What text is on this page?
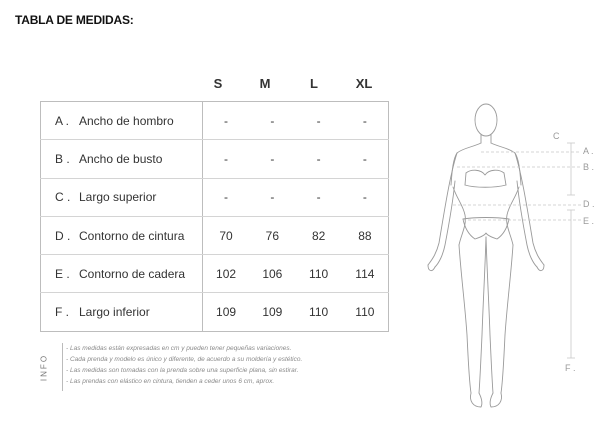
TABLA DE MEDIDAS:
S	M	L	XL
A . Ancho de hombro	-	-	-	-
B . Ancho de busto	-	-	-	-
C . Largo superior	-	-	-	-
D . Contorno de cintura	70	76	82	88
E . Contorno de cadera	102	106	110	114
F . Largo inferior	109	109	110	110
INFO
- Las medidas están expresadas en cm y pueden tener pequeñas variaciones.
- Cada prenda y modelo es único y diferente, de acuerdo a su moldería y estético.
- Las medidas son tomadas con la prenda sobre una superficie plana, sin estirar.
- Las prendas con elástico en cintura, tienden a ceder unos 6 cm, aprox.
C
A .
B .
D .
E .
F .
